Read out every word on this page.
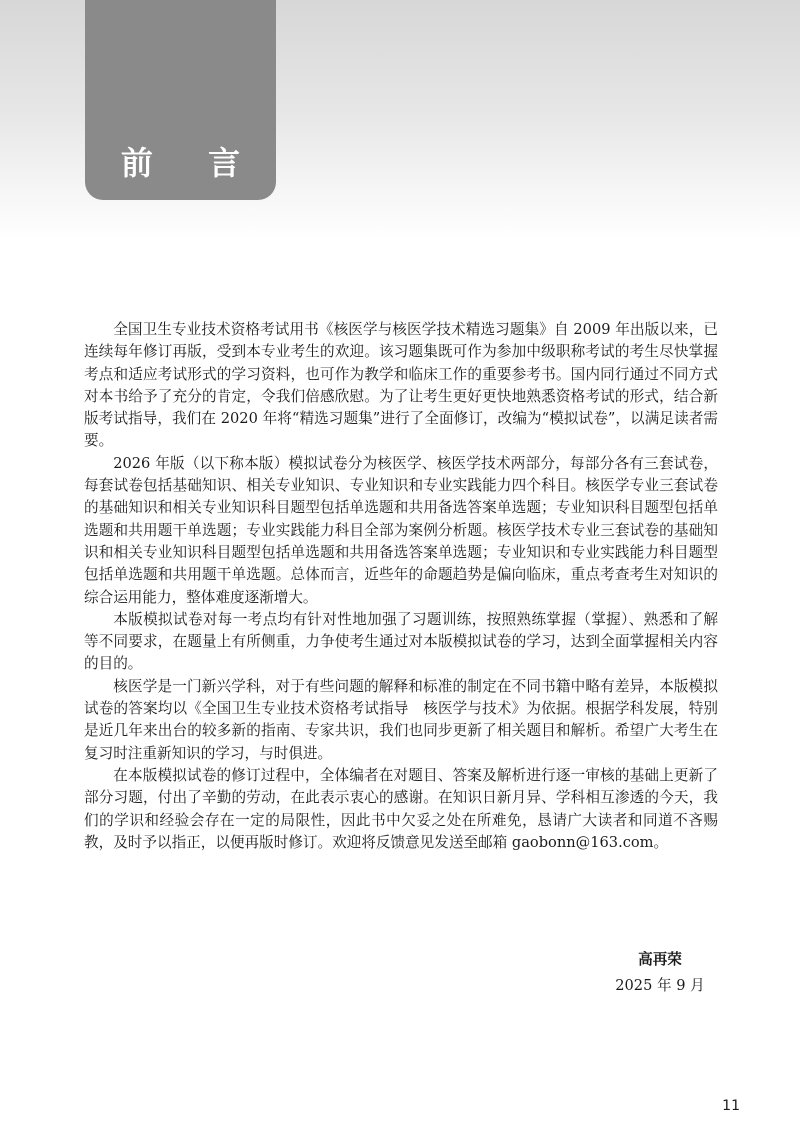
前 言

全国卫生专业技术资格考试用书《核医学与核医学技术精选习题集》自 2009 年出版以来，已连续每年修订再版，受到本专业考生的欢迎。该习题集既可作为参加中级职称考试的考生尽快掌握考点和适应考试形式的学习资料，也可作为教学和临床工作的重要参考书。国内同行通过不同方式对本书给予了充分的肯定，令我们倍感欣慰。为了让考生更好更快地熟悉资格考试的形式，结合新版考试指导，我们在 2020 年将“精选习题集”进行了全面修订，改编为“模拟试卷”，以满足读者需要。

2026 年版（以下称本版）模拟试卷分为核医学、核医学技术两部分，每部分各有三套试卷，每套试卷包括基础知识、相关专业知识、专业知识和专业实践能力四个科目。核医学专业三套试卷的基础知识和相关专业知识科目题型包括单选题和共用备选答案单选题；专业知识科目题型包括单选题和共用题干单选题；专业实践能力科目全部为案例分析题。核医学技术专业三套试卷的基础知识和相关专业知识科目题型包括单选题和共用备选答案单选题；专业知识和专业实践能力科目题型包括单选题和共用题干单选题。总体而言，近些年的命题趋势是偏向临床，重点考查考生对知识的综合运用能力，整体难度逐渐增大。

本版模拟试卷对每一考点均有针对性地加强了习题训练，按照熟练掌握（掌握）、熟悉和了解等不同要求，在题量上有所侧重，力争使考生通过对本版模拟试卷的学习，达到全面掌握相关内容的目的。

核医学是一门新兴学科，对于有些问题的解释和标准的制定在不同书籍中略有差异，本版模拟试卷的答案均以《全国卫生专业技术资格考试指导　核医学与技术》为依据。根据学科发展，特别是近几年来出台的较多新的指南、专家共识，我们也同步更新了相关题目和解析。希望广大考生在复习时注重新知识的学习，与时俱进。

在本版模拟试卷的修订过程中，全体编者在对题目、答案及解析进行逐一审核的基础上更新了部分习题，付出了辛勤的劳动，在此表示衷心的感谢。在知识日新月异、学科相互渗透的今天，我们的学识和经验会存在一定的局限性，因此书中欠妥之处在所难免，恳请广大读者和同道不吝赐教，及时予以指正，以便再版时修订。欢迎将反馈意见发送至邮箱 gaobonn@163.com。

高再荣
2025 年 9 月
11
